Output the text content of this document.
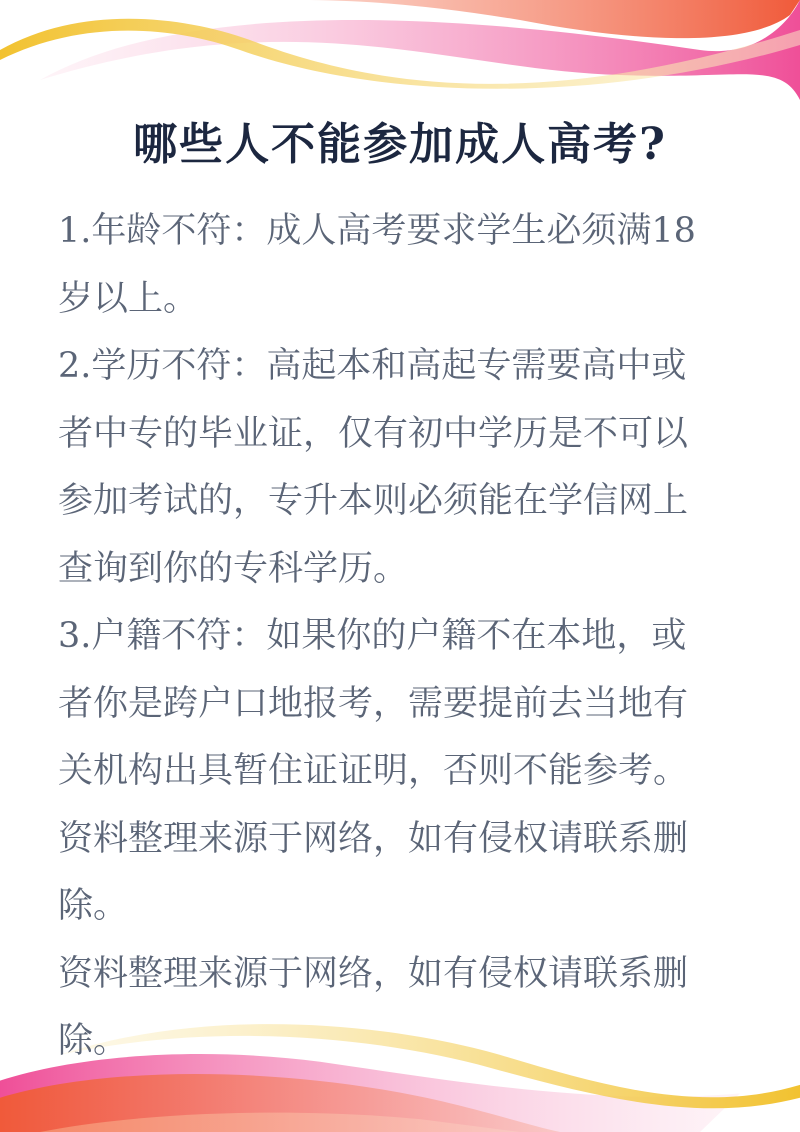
哪些人不能参加成人高考?
1.年龄不符：成人高考要求学生必须满18
岁以上。
2.学历不符：高起本和高起专需要高中或
者中专的毕业证，仅有初中学历是不可以
参加考试的，专升本则必须能在学信网上
查询到你的专科学历。
3.户籍不符：如果你的户籍不在本地，或
者你是跨户口地报考，需要提前去当地有
关机构出具暂住证证明，否则不能参考。
资料整理来源于网络，如有侵权请联系删
除。
资料整理来源于网络，如有侵权请联系删
除。
